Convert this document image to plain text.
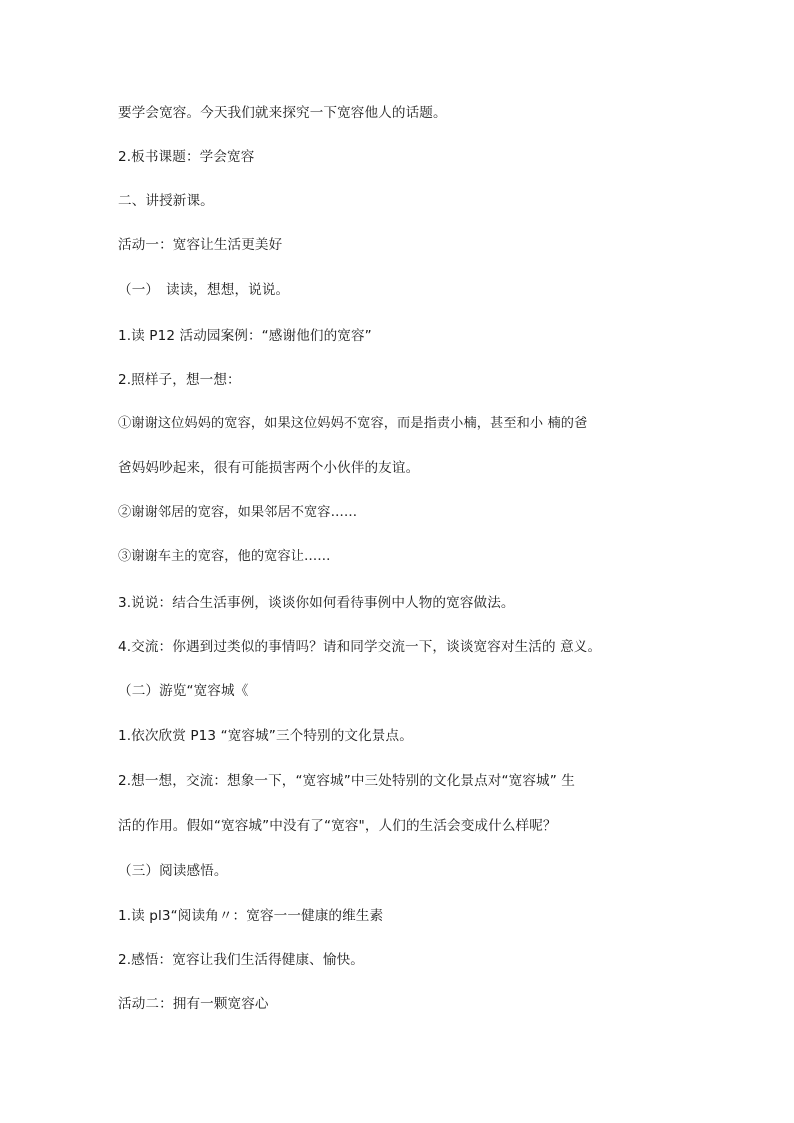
要学会宽容。今天我们就来探究一下宽容他人的话题。
2.板书课题：学会宽容
二、讲授新课。
活动一：宽容让生活更美好
（一）　读读，想想，说说。
1.读 P12 活动园案例：“感谢他们的宽容”
2.照样子，想一想：
①谢谢这位妈妈的宽容，如果这位妈妈不宽容，而是指责小楠，甚至和小 楠的爸
爸妈妈吵起来，很有可能损害两个小伙伴的友谊。
②谢谢邻居的宽容，如果邻居不宽容……
③谢谢车主的宽容，他的宽容让……
3.说说：结合生活事例，谈谈你如何看待事例中人物的宽容做法。
4.交流：你遇到过类似的事情吗？请和同学交流一下，谈谈宽容对生活的 意义。
（二）游览“宽容城《
1.依次欣赏 P13 “宽容城”三个特别的文化景点。
2.想一想，交流：想象一下，“宽容城”中三处特别的文化景点对“宽容城” 生
活的作用。假如“宽容城”中没有了“宽容"，人们的生活会变成什么样呢？
（三）阅读感悟。
1.读 pl3“阅读角〃：宽容一一健康的维生素
2.感悟：宽容让我们生活得健康、愉快。
活动二：拥有一颗宽容心
